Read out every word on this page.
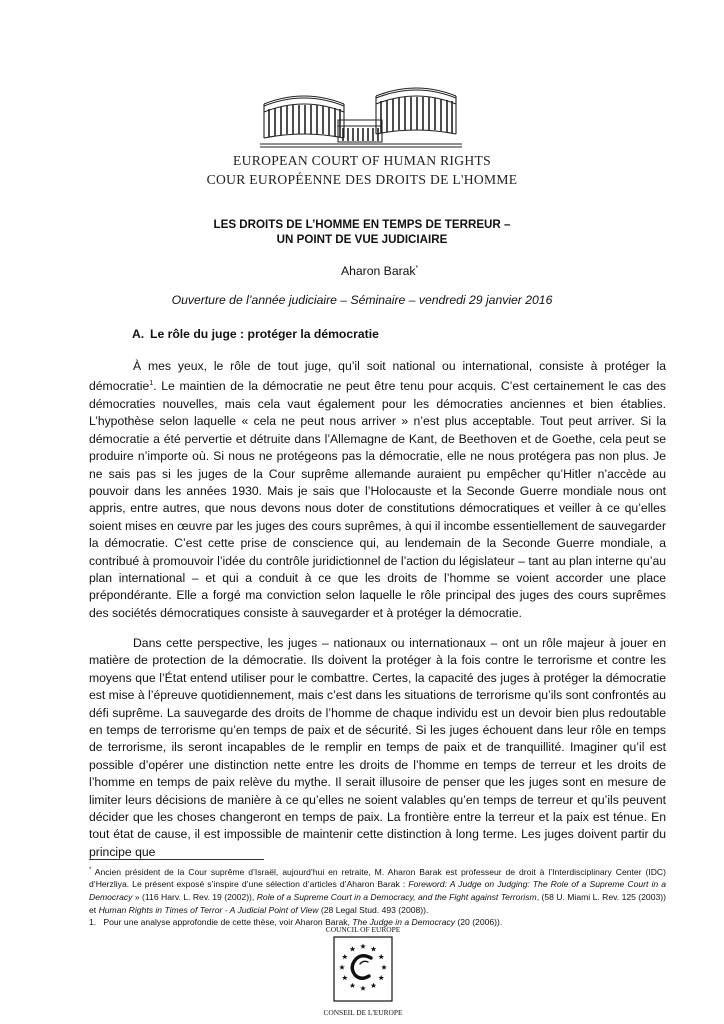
EUROPEAN COURT OF HUMAN RIGHTS
COUR EUROPÉENNE DES DROITS DE L'HOMME
LES DROITS DE L’HOMME EN TEMPS DE TERREUR –
UN POINT DE VUE JUDICIAIRE
Aharon Barak*
Ouverture de l’année judiciaire – Séminaire – vendredi 29 janvier 2016
A. Le rôle du juge : protéger la démocratie

À mes yeux, le rôle de tout juge, qu’il soit national ou international, consiste à protéger la démocratie$^1$. Le maintien de la démocratie ne peut être tenu pour acquis. C’est certainement le cas des démocraties nouvelles, mais cela vaut également pour les démocraties anciennes et bien établies. L’hypothèse selon laquelle « cela ne peut nous arriver » n’est plus acceptable. Tout peut arriver. Si la démocratie a été pervertie et détruite dans l’Allemagne de Kant, de Beethoven et de Goethe, cela peut se produire n’importe où. Si nous ne protégeons pas la démocratie, elle ne nous protégera pas non plus. Je ne sais pas si les juges de la Cour suprême allemande auraient pu empêcher qu’Hitler n’accède au pouvoir dans les années 1930. Mais je sais que l’Holocauste et la Seconde Guerre mondiale nous ont appris, entre autres, que nous devons nous doter de constitutions démocratiques et veiller à ce qu’elles soient mises en œuvre par les juges des cours suprêmes, à qui il incombe essentiellement de sauvegarder la démocratie. C’est cette prise de conscience qui, au lendemain de la Seconde Guerre mondiale, a contribué à promouvoir l’idée du contrôle juridictionnel de l’action du législateur – tant au plan interne qu’au plan international – et qui a conduit à ce que les droits de l’homme se voient accorder une place prépondérante. Elle a forgé ma conviction selon laquelle le rôle principal des juges des cours suprêmes des sociétés démocratiques consiste à sauvegarder et à protéger la démocratie.

Dans cette perspective, les juges – nationaux ou internationaux – ont un rôle majeur à jouer en matière de protection de la démocratie. Ils doivent la protéger à la fois contre le terrorisme et contre les moyens que l’État entend utiliser pour le combattre. Certes, la capacité des juges à protéger la démocratie est mise à l’épreuve quotidiennement, mais c’est dans les situations de terrorisme qu’ils sont confrontés au défi suprême. La sauvegarde des droits de l’homme de chaque individu est un devoir bien plus redoutable en temps de terrorisme qu’en temps de paix et de sécurité. Si les juges échouent dans leur rôle en temps de terrorisme, ils seront incapables de le remplir en temps de paix et de tranquillité. Imaginer qu’il est possible d’opérer une distinction nette entre les droits de l’homme en temps de terreur et les droits de l’homme en temps de paix relève du mythe. Il serait illusoire de penser que les juges sont en mesure de limiter leurs décisions de manière à ce qu’elles ne soient valables qu’en temps de terreur et qu’ils peuvent décider que les choses changeront en temps de paix. La frontière entre la terreur et la paix est ténue. En tout état de cause, il est impossible de maintenir cette distinction à long terme. Les juges doivent partir du principe que

* Ancien président de la Cour suprême d’Israël, aujourd’hui en retraite, M. Aharon Barak est professeur de droit à l’Interdisciplinary Center (IDC) d’Herzliya. Le présent exposé s’inspire d’une sélection d’articles d’Aharon Barak : Foreword: A Judge on Judging: The Role of a Supreme Court in a Democracy » (116 Harv. L. Rev. 19 (2002)), Role of a Supreme Court in a Democracy, and the Fight against Terrorism, (58 U. Miami L. Rev. 125 (2003)) et Human Rights in Times of Terror - A Judicial Point of View (28 Legal Stud. 493 (2008)).

1. Pour une analyse approfondie de cette thèse, voir Aharon Barak, The Judge in a Democracy (20 (2006)).

COUNCIL OF EUROPE
CONSEIL DE L'EUROPE
